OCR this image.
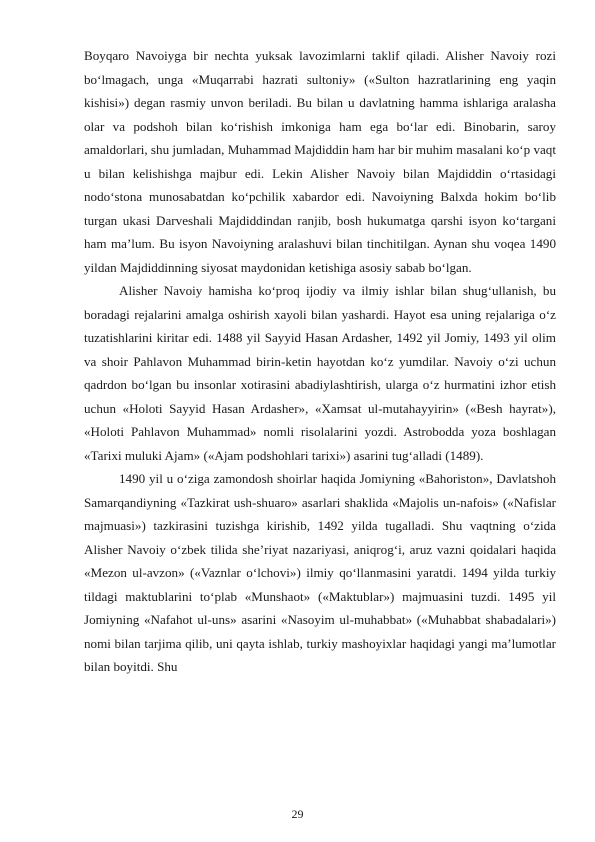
Boyqaro Navoiyga bir nechta yuksak lavozimlarni taklif qiladi. Alisher Navoiy rozi bo‘lmagach, unga «Muqarrabi hazrati sultoniy» («Sulton hazratlarining eng yaqin kishisi») degan rasmiy unvon beriladi. Bu bilan u davlatning hamma ishlariga aralasha olar va podshoh bilan ko‘rishish imkoniga ham ega bo‘lar edi. Binobarin, saroy amaldorlari, shu jumladan, Muhammad Majdiddin ham har bir muhim masalani ko‘p vaqt u bilan kelishishga majbur edi. Lekin Alisher Navoiy bilan Majdiddin o‘rtasidagi nodo‘stona munosabatdan ko‘pchilik xabardor edi. Navoiyning Balxda hokim bo‘lib turgan ukasi Darveshali Majdiddindan ranjib, bosh hukumatga qarshi isyon ko‘targani ham ma’lum. Bu isyon Navoiyning aralashuvi bilan tinchitilgan. Aynan shu voqea 1490 yildan Majdiddinning siyosat maydonidan ketishiga asosiy sabab bo‘lgan.

Alisher Navoiy hamisha ko‘proq ijodiy va ilmiy ishlar bilan shug‘ullanish, bu boradagi rejalarini amalga oshirish xayoli bilan yashardi. Hayot esa uning rejalariga o‘z tuzatishlarini kiritar edi. 1488 yil Sayyid Hasan Ardasher, 1492 yil Jomiy, 1493 yil olim va shoir Pahlavon Muhammad birin-ketin hayotdan ko‘z yumdilar. Navoiy o‘zi uchun qadrdon bo‘lgan bu insonlar xotirasini abadiylashtirish, ularga o‘z hurmatini izhor etish uchun «Holoti Sayyid Hasan Ardasher», «Xamsat ul-mutahayyirin» («Besh hayrat»), «Holoti Pahlavon Muhammad» nomli risolalarini yozdi. Astrobodda yoza boshlagan «Tarixi muluki Ajam» («Ajam podshohlari tarixi») asarini tug‘alladi (1489).

1490 yil u o‘ziga zamondosh shoirlar haqida Jomiyning «Bahoriston», Davlatshoh Samarqandiyning «Tazkirat ush-shuaro» asarlari shaklida «Majolis un-nafois» («Nafislar majmuasi») tazkirasini tuzishga kirishib, 1492 yilda tugalladi. Shu vaqtning o‘zida Alisher Navoiy o‘zbek tilida she’riyat nazariyasi, aniqrog‘i, aruz vazni qoidalari haqida «Mezon ul-avzon» («Vaznlar o‘lchovi») ilmiy qo‘llanmasini yaratdi. 1494 yilda turkiy tildagi maktublarini to‘plab «Munshaot» («Maktublar») majmuasini tuzdi. 1495 yil Jomiyning «Nafahot ul-uns» asarini «Nasoyim ul-muhabbat» («Muhabbat shabadalari») nomi bilan tarjima qilib, uni qayta ishlab, turkiy mashoyixlar haqidagi yangi ma’lumotlar bilan boyitdi. Shu

29
